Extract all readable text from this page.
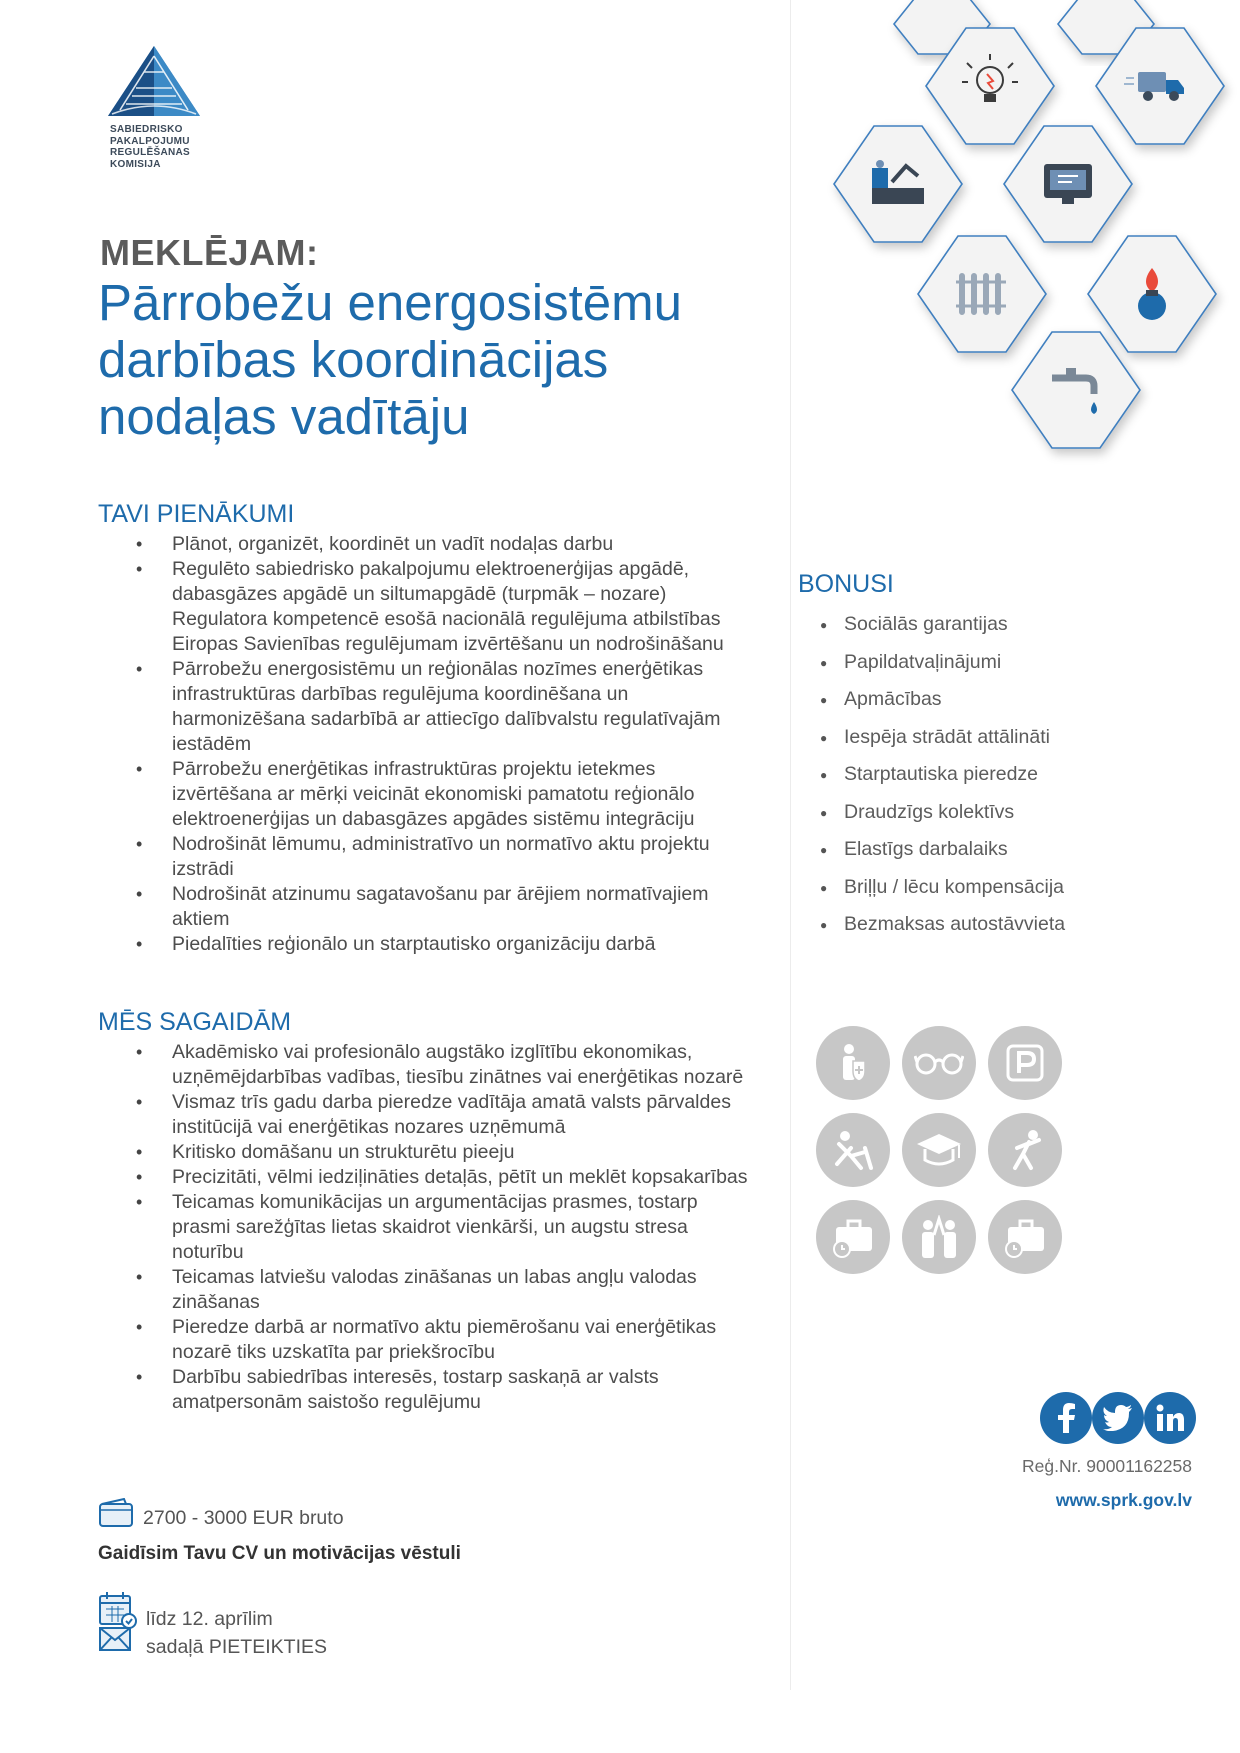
SABIEDRISKO
PAKALPOJUMU
REGULĒŠANAS
KOMISIJA
MEKLĒJAM:
Pārrobežu energosistēmu
darbības koordinācijas
nodaļas vadītāju
TAVI PIENĀKUMI
• Plānot, organizēt, koordinēt un vadīt nodaļas darbu
• Regulēto sabiedrisko pakalpojumu elektroenerģijas apgādē, dabasgāzes apgādē un siltumapgādē (turpmāk – nozare) Regulatora kompetencē esošā nacionālā regulējuma atbilstības Eiropas Savienības regulējumam izvērtēšanu un nodrošināšanu
• Pārrobežu energosistēmu un reģionālas nozīmes enerģētikas infrastruktūras darbības regulējuma koordinēšana un harmonizēšana sadarbībā ar attiecīgo dalībvalstu regulatīvajām iestādēm
• Pārrobežu enerģētikas infrastruktūras projektu ietekmes izvērtēšana ar mērķi veicināt ekonomiski pamatotu reģionālo elektroenerģijas un dabasgāzes apgādes sistēmu integrāciju
• Nodrošināt lēmumu, administratīvo un normatīvo aktu projektu izstrādi
• Nodrošināt atzinumu sagatavošanu par ārējiem normatīvajiem aktiem
• Piedalīties reģionālo un starptautisko organizāciju darbā
MĒS SAGAIDĀM
• Akadēmisko vai profesionālo augstāko izglītību ekonomikas, uzņēmējdarbības vadības, tiesību zinātnes vai enerģētikas nozarē
• Vismaz trīs gadu darba pieredze vadītāja amatā valsts pārvaldes institūcijā vai enerģētikas nozares uzņēmumā
• Kritisko domāšanu un strukturētu pieeju
• Precizitāti, vēlmi iedziļināties detaļās, pētīt un meklēt kopsakarības
• Teicamas komunikācijas un argumentācijas prasmes, tostarp prasmi sarežģītas lietas skaidrot vienkārši, un augstu stresa noturību
• Teicamas latviešu valodas zināšanas un labas angļu valodas zināšanas
• Pieredze darbā ar normatīvo aktu piemērošanu vai enerģētikas nozarē tiks uzskatīta par priekšrocību
• Darbību sabiedrības interesēs, tostarp saskaņā ar valsts amatpersonām saistošo regulējumu
BONUSI
● Sociālās garantijas
● Papildatvaļinājumi
● Apmācības
● Iespēja strādāt attālināti
● Starptautiska pieredze
● Draudzīgs kolektīvs
● Elastīgs darbalaiks
● Briļļu / lēcu kompensācija
● Bezmaksas autostāvvieta
Reģ.Nr. 90001162258
www.sprk.gov.lv
2700 - 3000 EUR bruto
Gaidīsim Tavu CV un motivācijas vēstuli
līdz 12. aprīlim
sadaļā PIETEIKTIES
